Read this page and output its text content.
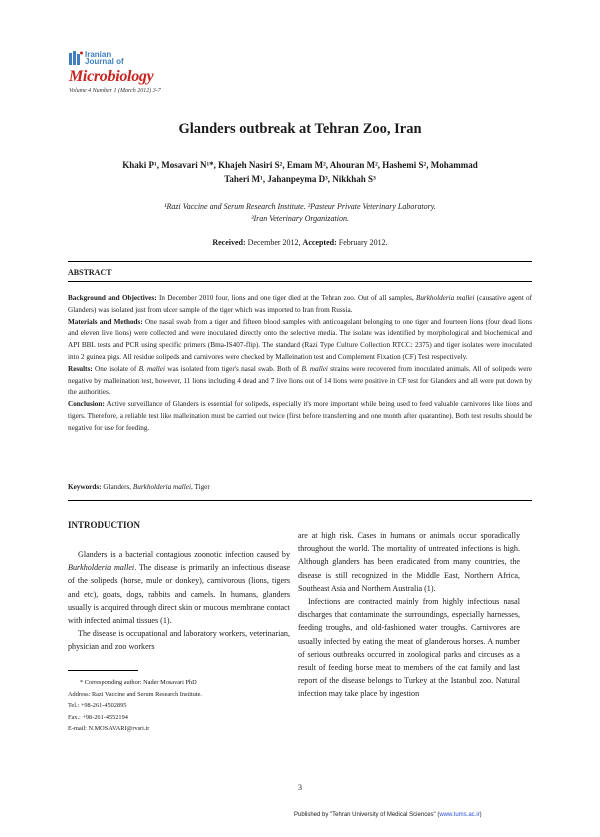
Iranian
Journal of
Microbiology
Volume 4 Number 1 (March 2012) 3-7
Glanders outbreak at Tehran Zoo, Iran
Khaki P¹, Mosavari N¹*, Khajeh Nasiri S², Emam M², Ahouran M², Hashemi S², Mohammad
Taheri M¹, Jahanpeyma D³, Nikkhah S³
¹Razi Vaccine and Serum Research Institute. ²Pasteur Private Veterinary Laboratory.
³Iran Veterinary Organization.
Received: December 2012, Accepted: February 2012.
ABSTRACT

Background and Objectives: In December 2010 four, lions and one tiger died at the Tehran zoo. Out of all samples, Burkholderia mallei (causative agent of Glanders) was isolated just from ulcer sample of the tiger which was imported to Iran from Russia.

Materials and Methods: One nasal swab from a tiger and fifteen blood samples with anticoagulant belonging to one tiger and fourteen lions (four dead lions and eleven live lions) were collected and were inoculated directly onto the selective media. The isolate was identified by morphological and biochemical and API BBL tests and PCR using specific primers (Bma-IS407-flip). The standard (Razi Type Culture Collection RTCC: 2375) and tiger isolates were inoculated into 2 guinea pigs. All residue solipeds and carnivores were checked by Malleination test and Complement Fixation (CF) Test respectively.

Results: One isolate of B. mallei was isolated from tiger's nasal swab. Both of B. mallei strains were recovered from inoculated animals. All of solipeds were negative by malleination test, however, 11 lions including 4 dead and 7 live lions out of 14 lions were positive in CF test for Glanders and all were put down by the authorities.

Conclusion: Active surveillance of Glanders is essential for solipeds, especially it's more important while being used to feed valuable carnivores like lions and tigers. Therefore, a reliable test like malleination must be carried out twice (first before transferring and one month after quarantine). Both test results should be negative for use for feeding.

Keywords: Glanders, Burkholderia mallei, Tiger
INTRODUCTION

Glanders is a bacterial contagious zoonotic infection caused by Burkholderia mallei. The disease is primarily an infectious disease of the solipeds (horse, mule or donkey), carnivorous (lions, tigers and etc), goats, dogs, rabbits and camels. In humans, glanders usually is acquired through direct skin or mucous membrane contact with infected animal tissues (1).

The disease is occupational and laboratory workers, veterinarian, physician and zoo workers

are at high risk. Cases in humans or animals occur sporadically throughout the world. The mortality of untreated infections is high. Although glanders has been eradicated from many countries, the disease is still recognized in the Middle East, Northern Africa, Southeast Asia and Northern Australia (1).

Infections are contracted mainly from highly infectious nasal discharges that contaminate the surroundings, especially harnesses, feeding troughs, and old-fashioned water troughs. Carnivores are usually infected by eating the meat of glanderous horses. A number of serious outbreaks occurred in zoological parks and circuses as a result of feeding horse meat to members of the cat family and last report of the disease belongs to Turkey at the Istanbul zoo. Natural infection may take place by ingestion

* Corresponding author: Nader Mosavari PhD
Address: Razi Vaccine and Serum Research Institute.
Tel.: +98-261-4502895
Fax.: +98-261-4552194
E-mail: N.MOSAVARI@rvsri.ir
3
Published by "Tehran University of Medical Sciences" (www.tums.ac.ir)
